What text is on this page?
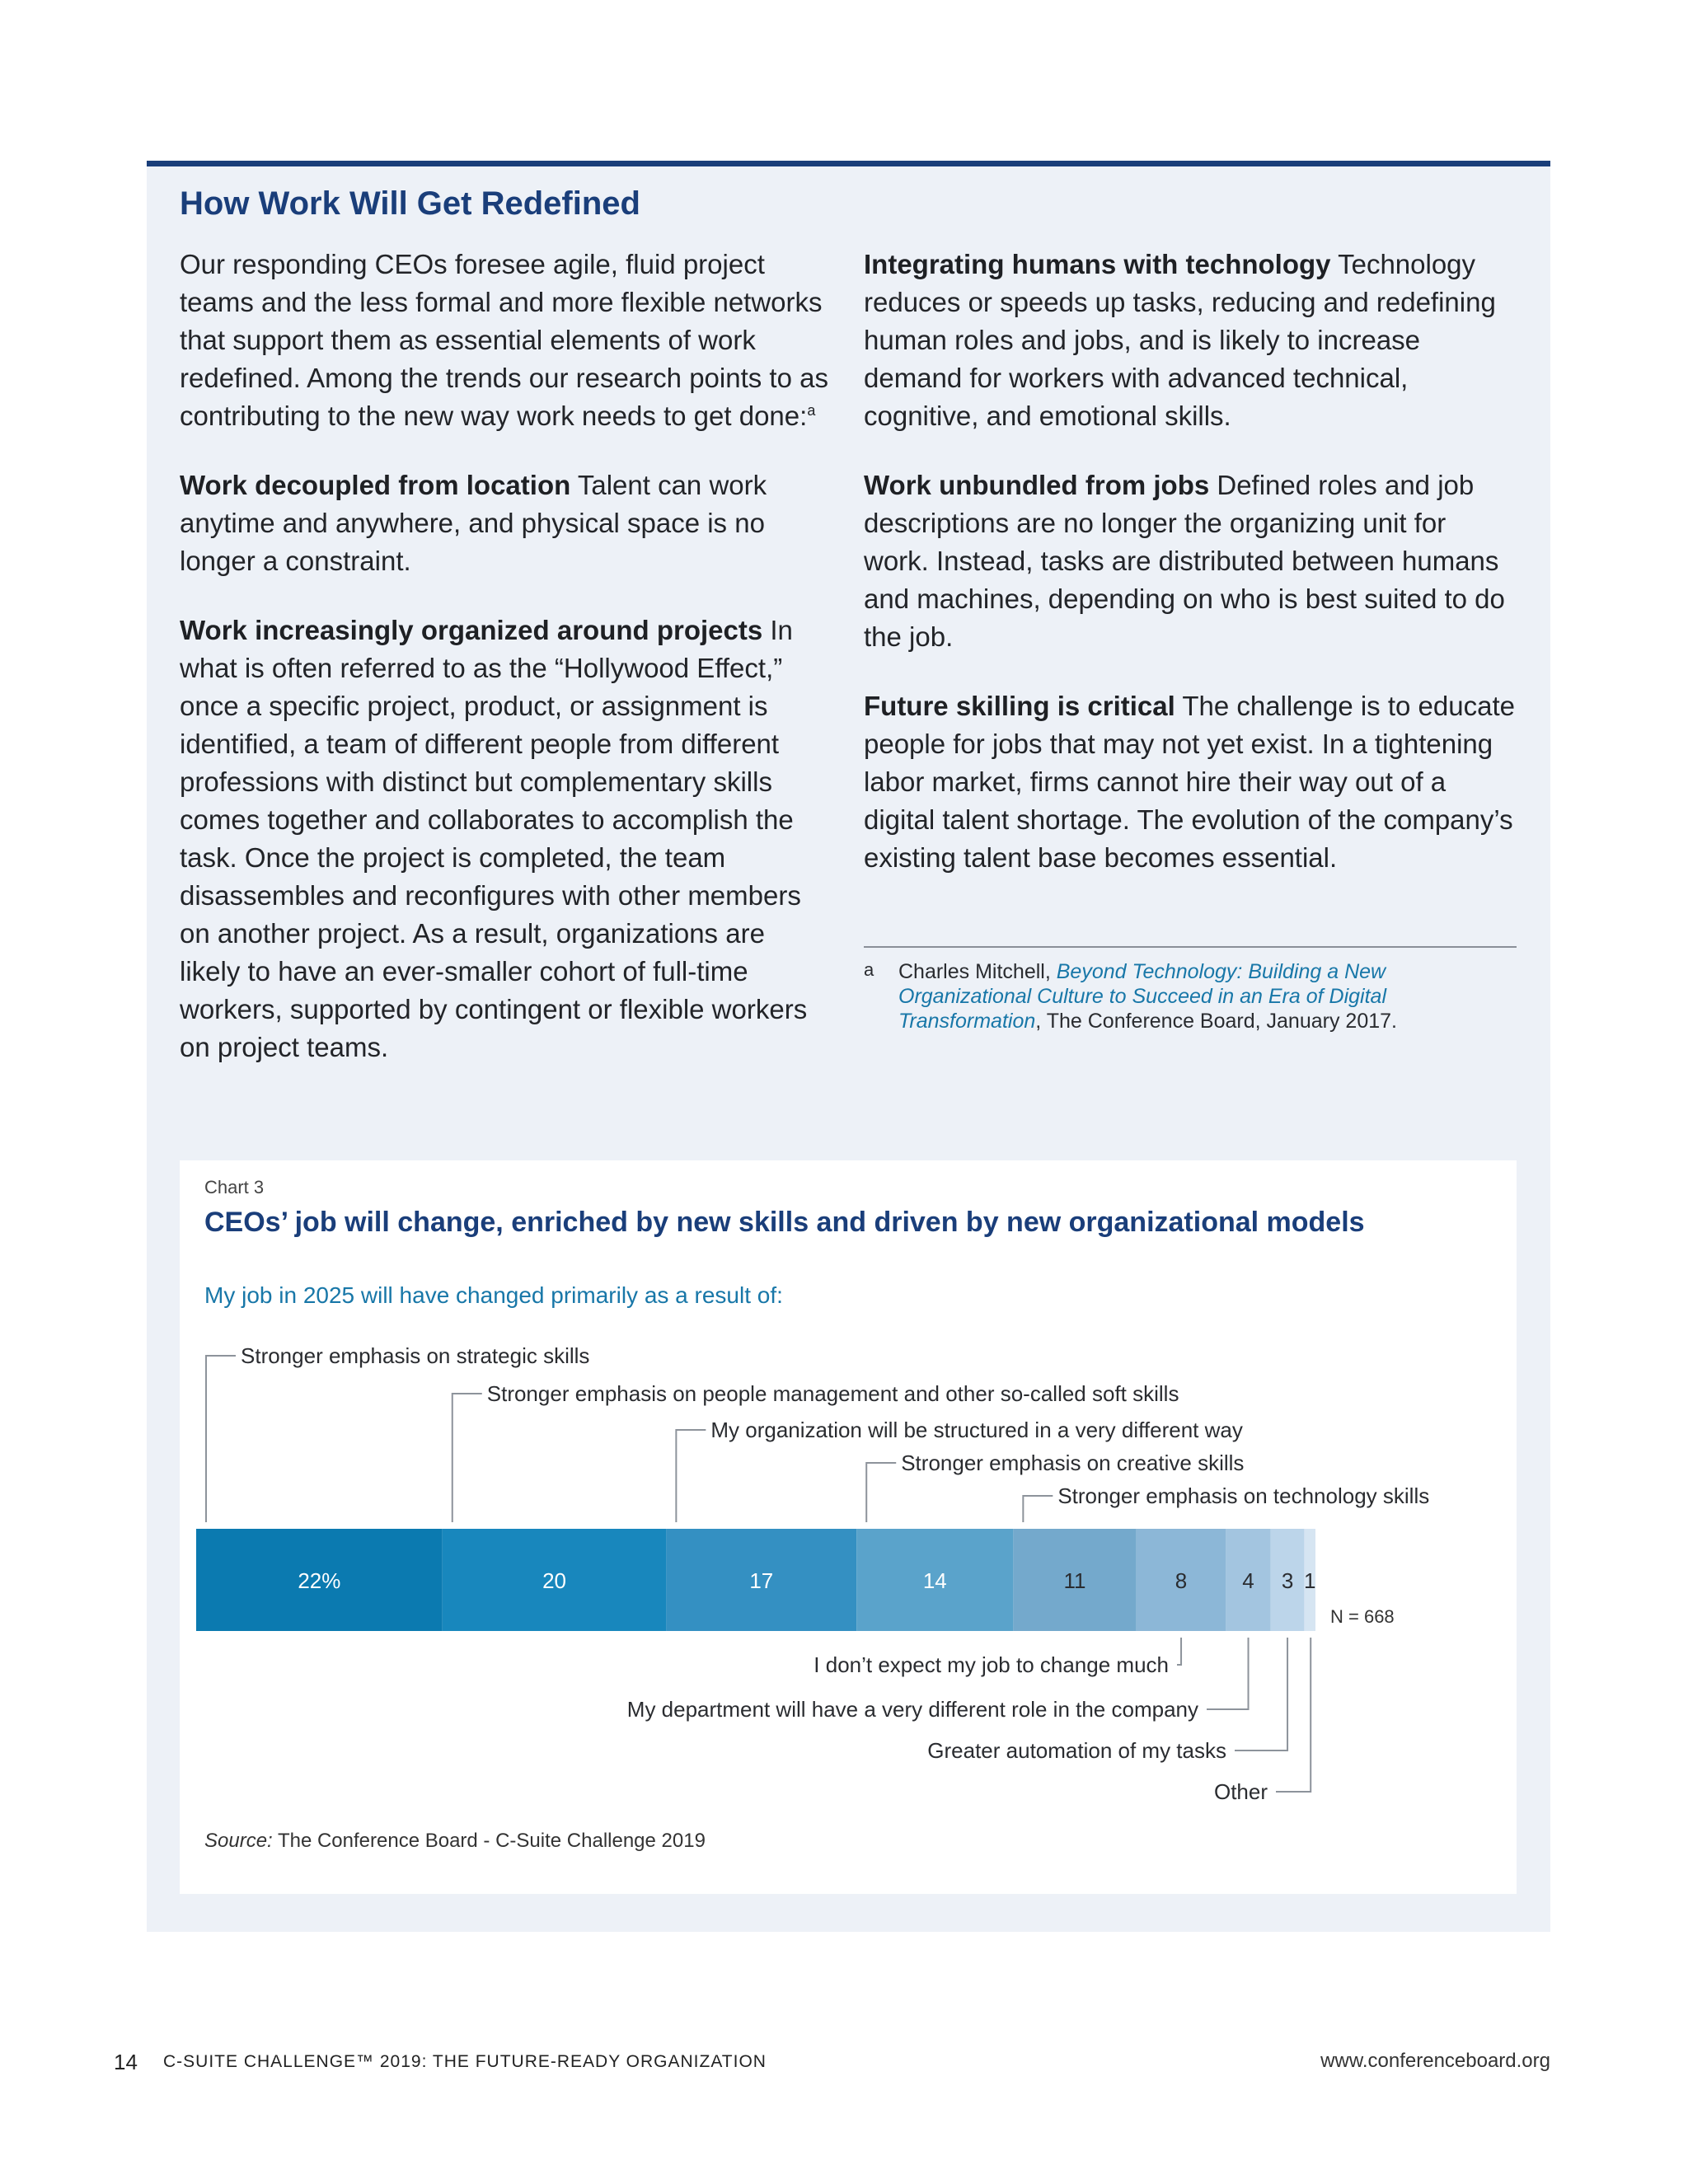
How Work Will Get Redefined

Our responding CEOs foresee agile, fluid project teams and the less formal and more flexible networks that support them as essential elements of work redefined. Among the trends our research points to as contributing to the new way work needs to get done:$^a$

Work decoupled from location Talent can work anytime and anywhere, and physical space is no longer a constraint.

Work increasingly organized around projects In what is often referred to as the “Hollywood Effect,” once a specific project, product, or assignment is identified, a team of different people from different professions with distinct but complementary skills comes together and collaborates to accomplish the task. Once the project is completed, the team disassembles and reconfigures with other members on another project. As a result, organizations are likely to have an ever-smaller cohort of full-time workers, supported by contingent or flexible workers on project teams.

Integrating humans with technology Technology reduces or speeds up tasks, reducing and redefining human roles and jobs, and is likely to increase demand for workers with advanced technical, cognitive, and emotional skills.

Work unbundled from jobs Defined roles and job descriptions are no longer the organizing unit for work. Instead, tasks are distributed between humans and machines, depending on who is best suited to do the job.

Future skilling is critical The challenge is to educate people for jobs that may not yet exist. In a tightening labor market, firms cannot hire their way out of a digital talent shortage. The evolution of the company’s existing talent base becomes essential.

a Charles Mitchell, Beyond Technology: Building a New Organizational Culture to Succeed in an Era of Digital Transformation, The Conference Board, January 2017.
Chart 3
CEOs’ job will change, enriched by new skills and driven by new organizational models
My job in 2025 will have changed primarily as a result of:
22%
Stronger emphasis on strategic skills
20
Stronger emphasis on people management and other so-called soft skills
17
My organization will be structured in a very different way
14
Stronger emphasis on creative skills
11
Stronger emphasis on technology skills
8
I don’t expect my job to change much
4
My department will have a very different role in the company
3
Greater automation of my tasks
1
Other
N = 668
Source: The Conference Board - C-Suite Challenge 2019
14 C-SUITE CHALLENGE™ 2019: THE FUTURE-READY ORGANIZATION	www.conferenceboard.org
